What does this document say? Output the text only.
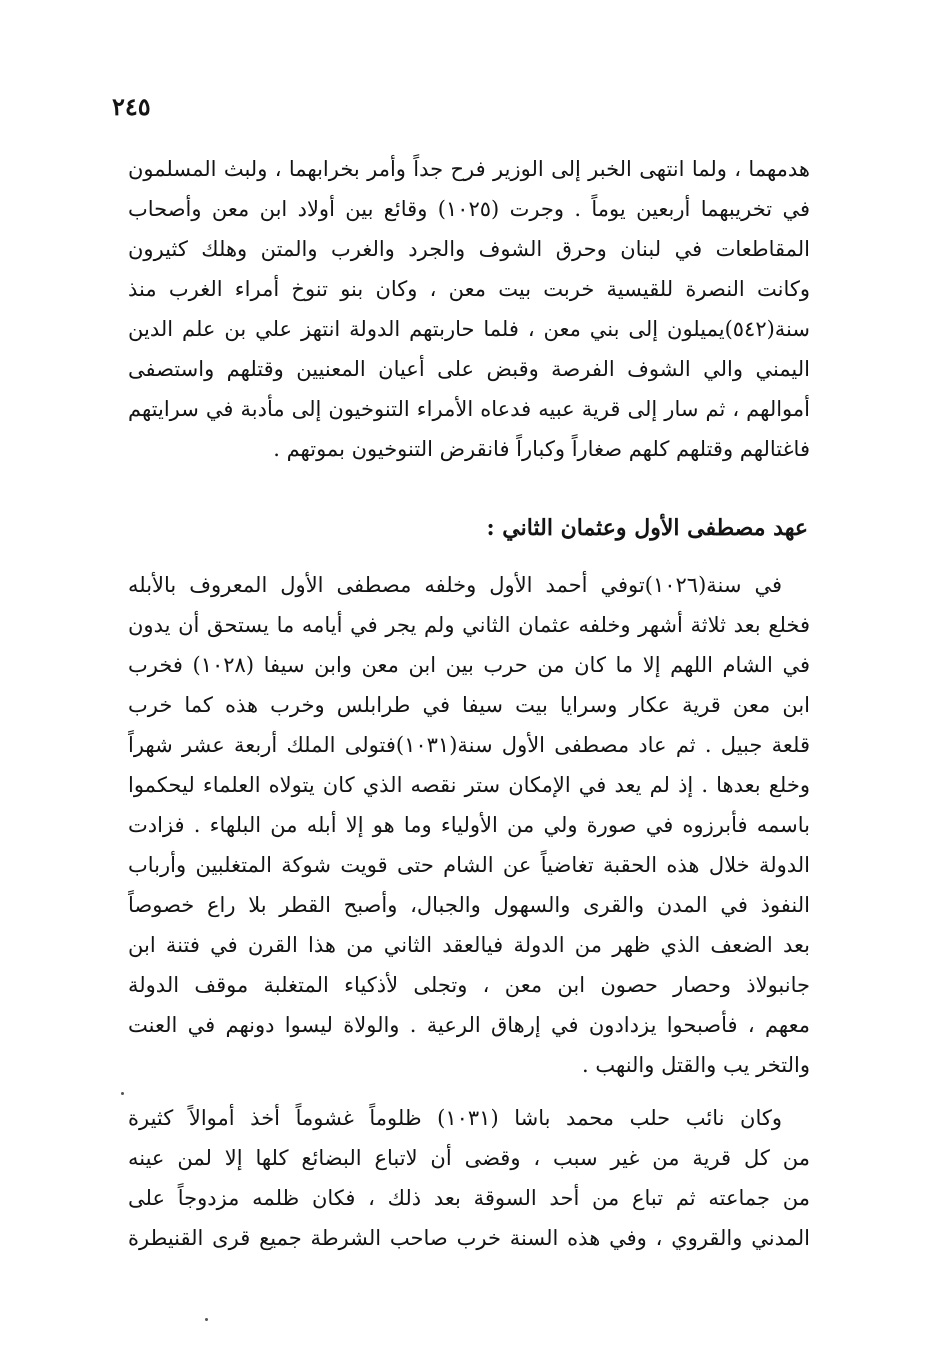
٢٤٥
هدمهما ، ولما انتهى الخبر إلى الوزير فرح جداً وأمر بخرابهما ، ولبث المسلمون
في تخريبهما أربعين يوماً . وجرت (١٠٢٥) وقائع بين أولاد ابن معن وأصحاب
المقاطعات في لبنان وحرق الشوف والجرد والغرب والمتن وهلك كثيرون
وكانت النصرة للقيسية خربت بيت معن ، وكان بنو تنوخ أمراء الغرب منذ
سنة(٥٤٢)يميلون إلى بني معن ، فلما حاربتهم الدولة انتهز علي بن علم الدين
اليمني والي الشوف الفرصة وقبض على أعيان المعنيين وقتلهم واستصفى
أموالهم ، ثم سار إلى قرية عبيه فدعاه الأمراء التنوخيون إلى مأدبة في سرايتهم
فاغتالهم وقتلهم كلهم صغاراً وكباراً فانقرض التنوخيون بموتهم .
عهد مصطفى الأول وعثمان الثاني :
في سنة(١٠٢٦)توفي أحمد الأول وخلفه مصطفى الأول المعروف بالأبله
فخلع بعد ثلاثة أشهر وخلفه عثمان الثاني ولم يجر في أيامه ما يستحق أن يدون
في الشام اللهم إلا ما كان من حرب بين ابن معن وابن سيفا (١٠٢٨) فخرب
ابن معن قرية عكار وسرايا بيت سيفا في طرابلس وخرب هذه كما خرب
قلعة جبيل . ثم عاد مصطفى الأول سنة(١٠٣١)فتولى الملك أربعة عشر شهراً
وخلع بعدها . إذ لم يعد في الإمكان ستر نقصه الذي كان يتولاه العلماء ليحكموا
باسمه فأبرزوه في صورة ولي من الأولياء وما هو إلا أبله من البلهاء . فزادت
الدولة خلال هذه الحقبة تغاضياً عن الشام حتى قويت شوكة المتغلبين وأرباب
النفوذ في المدن والقرى والسهول والجبال، وأصبح القطر بلا راع خصوصاً
بعد الضعف الذي ظهر من الدولة فيالعقد الثاني من هذا القرن في فتنة ابن
جانبولاذ وحصار حصون ابن معن ، وتجلى لأذكياء المتغلبة موقف الدولة
معهم ، فأصبحوا يزدادون في إرهاق الرعية . والولاة ليسوا دونهم في العنت
والتخر يب والقتل والنهب .
وكان نائب حلب محمد باشا (١٠٣١) ظلوماً غشوماً أخذ أموالاً كثيرة
من كل قرية من غير سبب ، وقضى أن لاتباع البضائع كلها إلا لمن عينه
من جماعته ثم تباع من أحد السوقة بعد ذلك ، فكان ظلمه مزدوجاً على
المدني والقروي ، وفي هذه السنة خرب صاحب الشرطة جميع قرى القنيطرة
